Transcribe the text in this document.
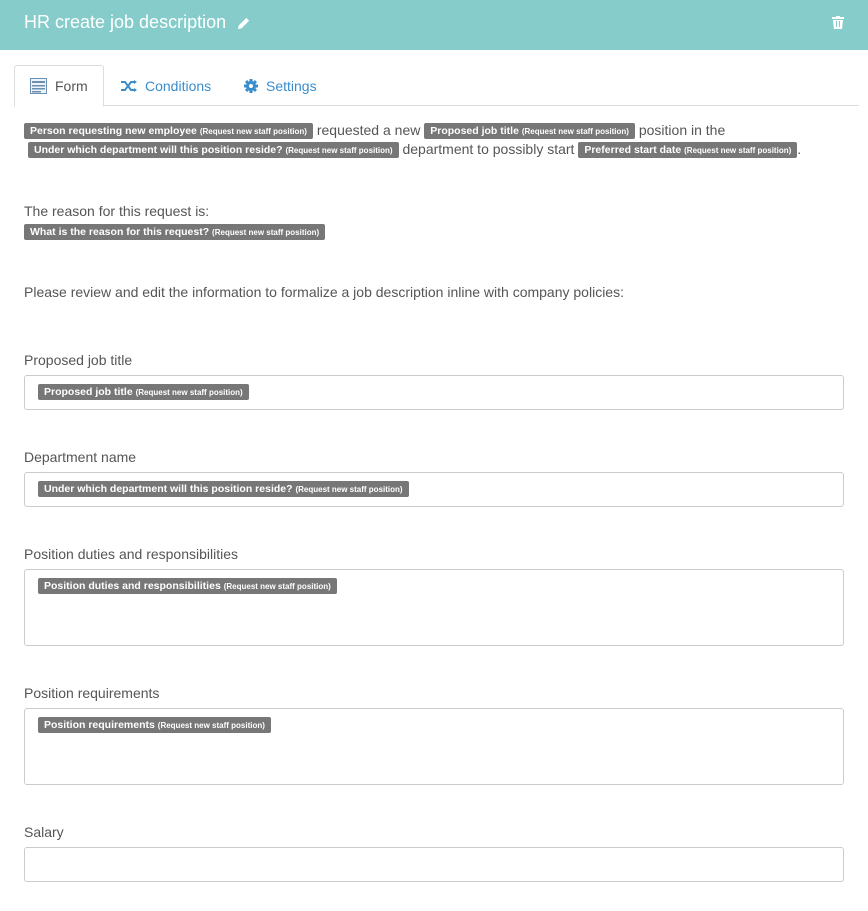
HR create job description
Form	Conditions	Settings
Person requesting new employee (Request new staff position) requested a new Proposed job title (Request new staff position) position in the
Under which department will this position reside? (Request new staff position) department to possibly start Preferred start date (Request new staff position) .
The reason for this request is:
What is the reason for this request? (Request new staff position)
Please review and edit the information to formalize a job description inline with company policies:
Proposed job title
Proposed job title (Request new staff position)
Department name
Under which department will this position reside? (Request new staff position)
Position duties and responsibilities
Position duties and responsibilities (Request new staff position)
Position requirements
Position requirements (Request new staff position)
Salary
